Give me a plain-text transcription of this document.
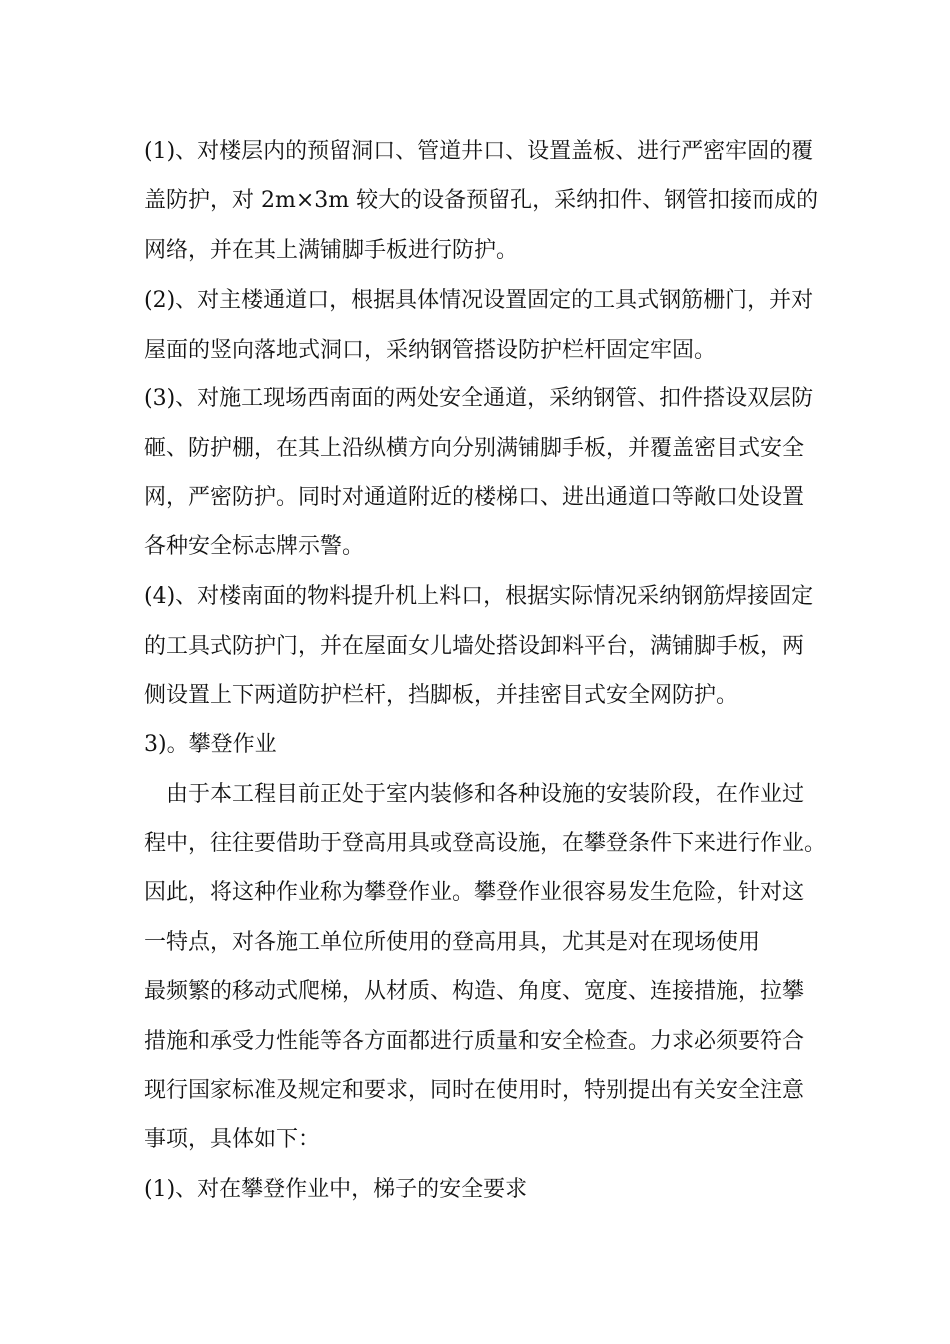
(1)、对楼层内的预留洞口、管道井口、设置盖板、进行严密牢固的覆
盖防护，对 2m×3m 较大的设备预留孔，采纳扣件、钢管扣接而成的
网络，并在其上满铺脚手板进行防护。
(2)、对主楼通道口，根据具体情况设置固定的工具式钢筋栅门，并对
屋面的竖向落地式洞口，采纳钢管搭设防护栏杆固定牢固。
(3)、对施工现场西南面的两处安全通道，采纳钢管、扣件搭设双层防
砸、防护棚，在其上沿纵横方向分别满铺脚手板，并覆盖密目式安全
网，严密防护。同时对通道附近的楼梯口、进出通道口等敞口处设置
各种安全标志牌示警。
(4)、对楼南面的物料提升机上料口，根据实际情况采纳钢筋焊接固定
的工具式防护门，并在屋面女儿墙处搭设卸料平台，满铺脚手板，两
侧设置上下两道防护栏杆，挡脚板，并挂密目式安全网防护。
3)。攀登作业
由于本工程目前正处于室内装修和各种设施的安装阶段，在作业过
程中，往往要借助于登高用具或登高设施，在攀登条件下来进行作业。
因此，将这种作业称为攀登作业。攀登作业很容易发生危险，针对这
一特点，对各施工单位所使用的登高用具，尤其是对在现场使用
最频繁的移动式爬梯，从材质、构造、角度、宽度、连接措施，拉攀
措施和承受力性能等各方面都进行质量和安全检查。力求必须要符合
现行国家标准及规定和要求，同时在使用时，特别提出有关安全注意
事项，具体如下：
(1)、对在攀登作业中，梯子的安全要求
